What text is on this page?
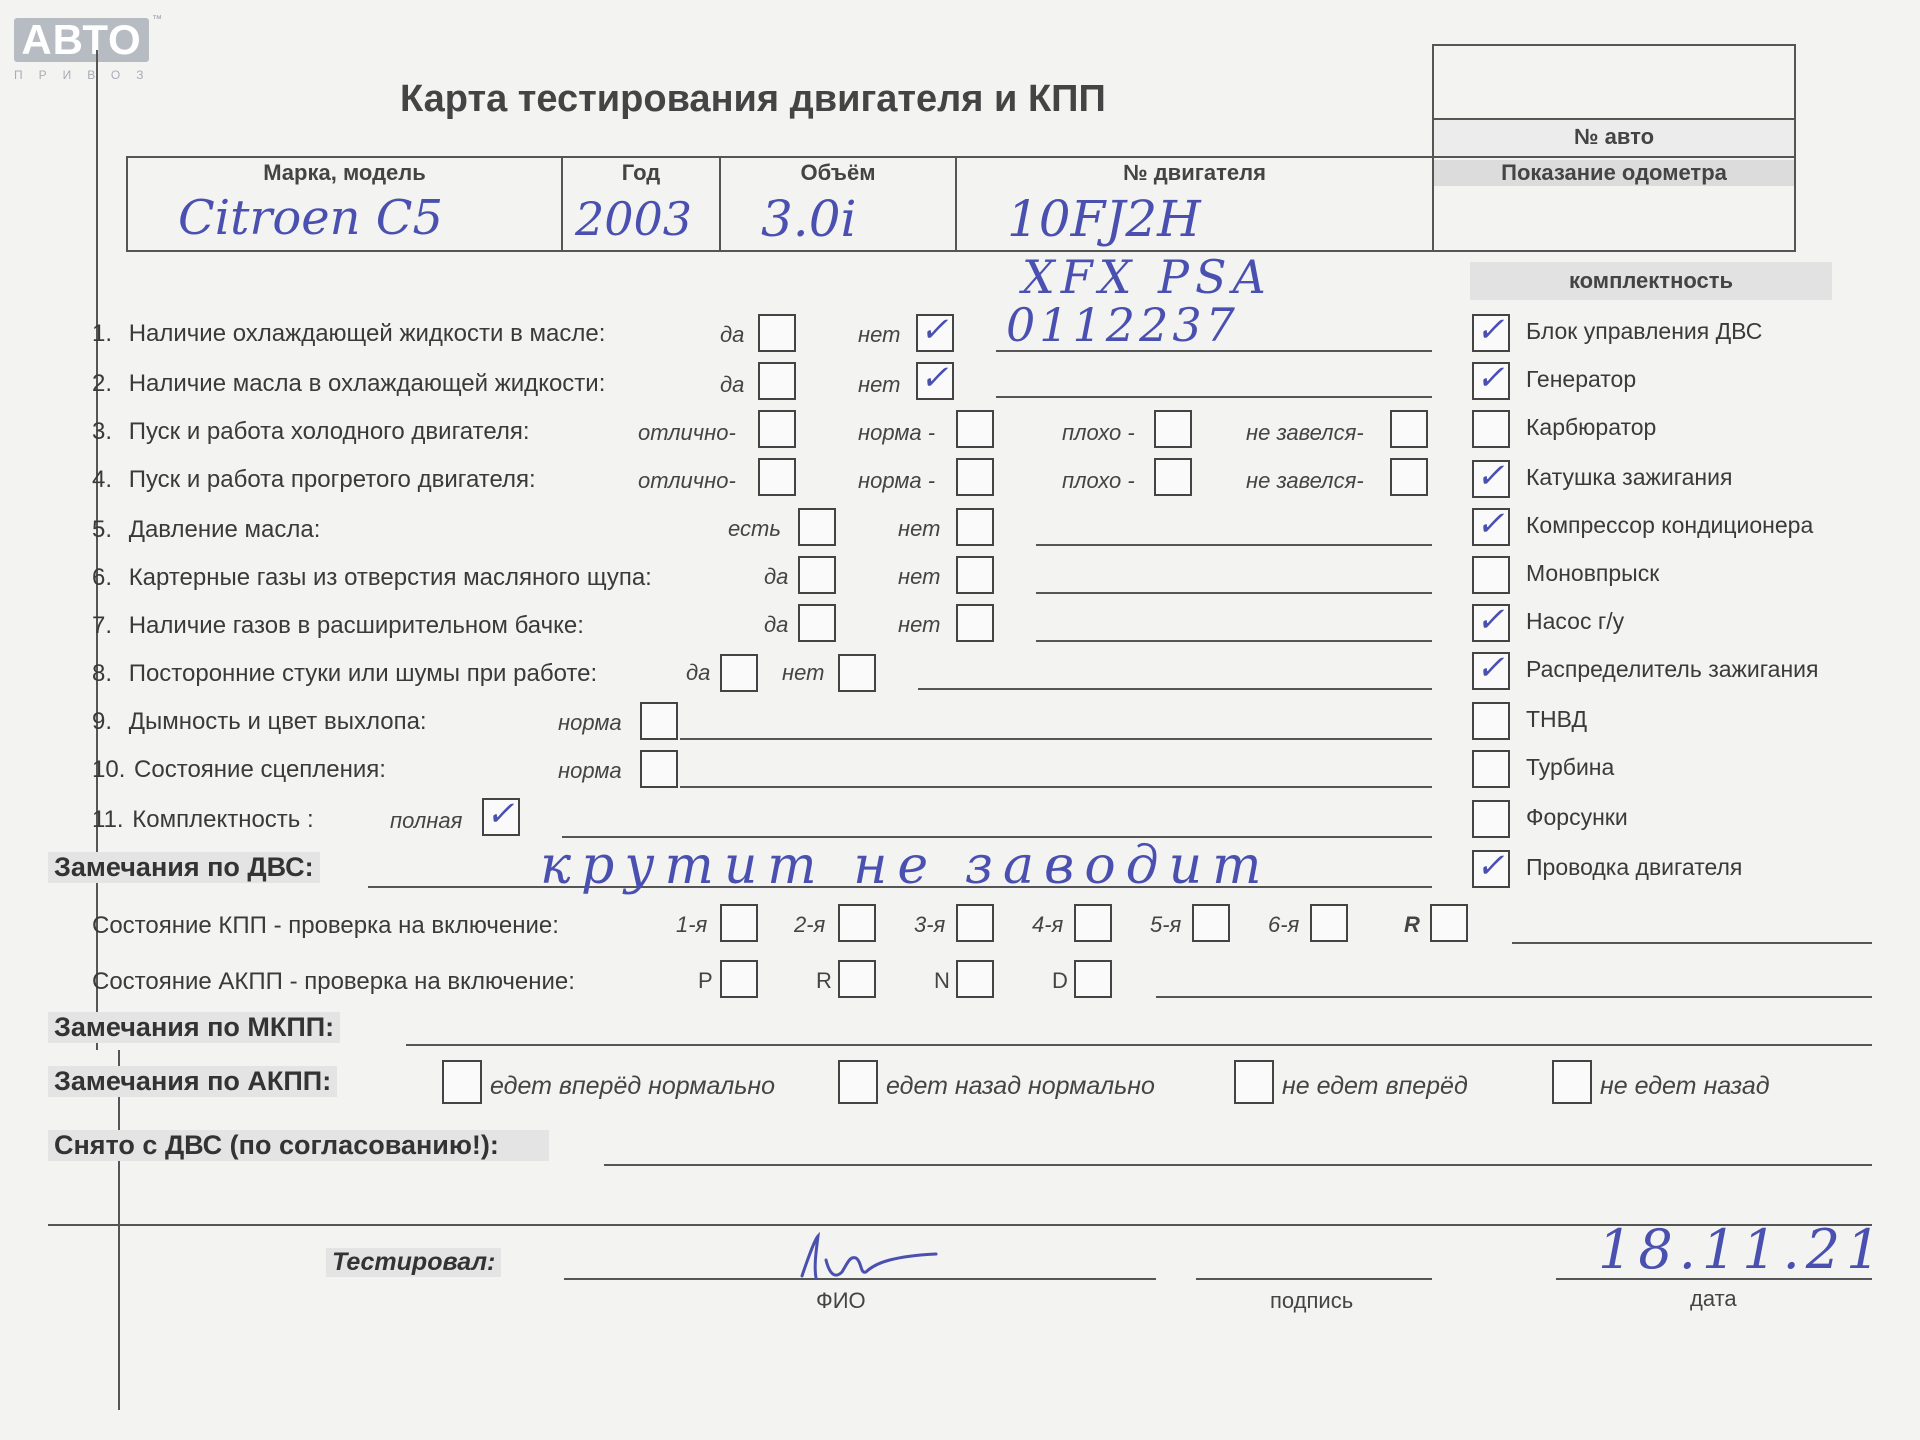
АВТО	™
ПРИВОЗ
Карта тестирования двигателя и КПП
Марка, модель
Citroen C5
Год
2003
Объём
3.0i
№ двигателя
10FJ2H
№ авто
Показание одометра
XFX PSA
0112237
комплектность
1. Наличие охлаждающей жидкости в масле:	да	нет ✓
2. Наличие масла в охлаждающей жидкости:	да	нет ✓
3. Пуск и работа холодного двигателя:	отлично-	норма -	плохо -	не завелся-
4. Пуск и работа прогретого двигателя:	отлично-	норма -	плохо -	не завелся-
5. Давление масла:	есть	нет
6. Картерные газы из отверстия масляного щупа:	да	нет
7. Наличие газов в расширительном бачке:	да	нет
8. Посторонние стуки или шумы при работе:	да	нет
9. Дымность и цвет выхлопа:	норма
10. Состояние сцепления:	норма
11. Комплектность :	полная ✓
✓ Блок управления ДВС
✓ Генератор
Карбюратор
✓ Катушка зажигания
✓ Компрессор кондиционера
Моновпрыск
✓ Насос г/у
✓ Распределитель зажигания
ТНВД
Турбина
Форсунки
✓ Проводка двигателя
Замечания по ДВС:	крутит не заводит
Состояние КПП - проверка на включение:	1-я	2-я	3-я	4-я	5-я	6-я	R
Состояние АКПП - проверка на включение:	P	R	N	D
Замечания по МКПП:
Замечания по АКПП:	едет вперёд нормально	едет назад нормально	не едет вперёд	не едет назад
Снято с ДВС (по согласованию!):
Тестировал:
ФИО	подпись	дата
18.11.21
